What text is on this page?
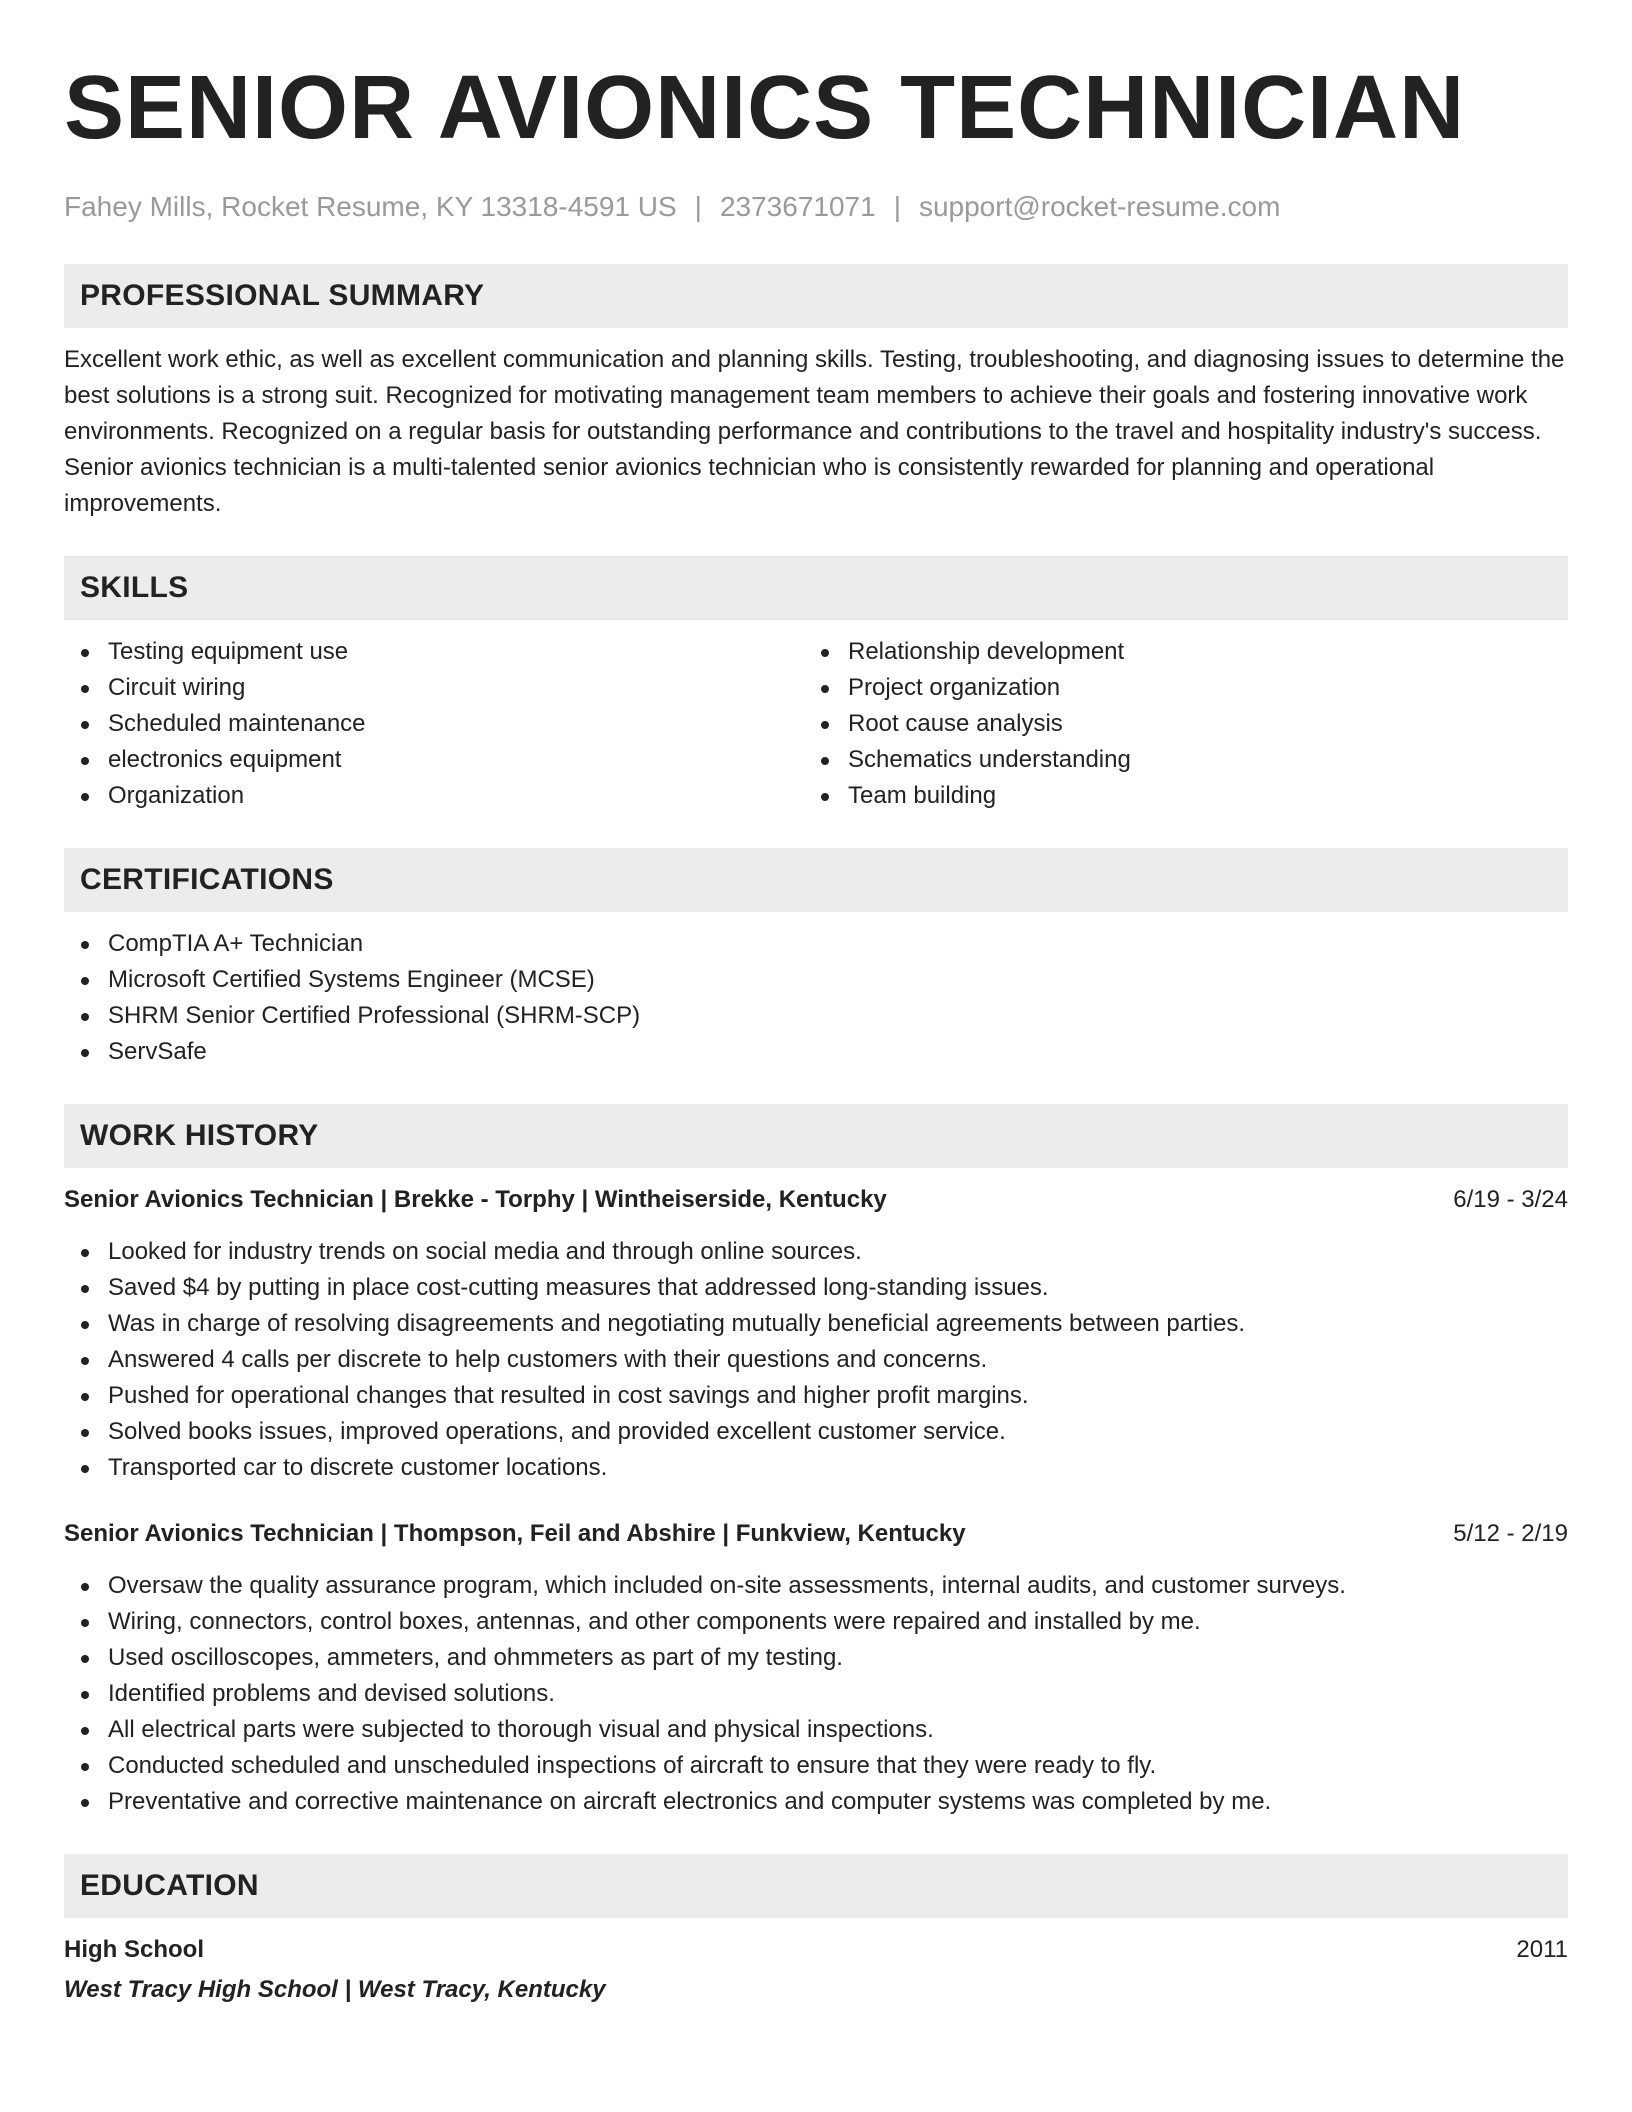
SENIOR AVIONICS TECHNICIAN
Fahey Mills, Rocket Resume, KY 13318-4591 US | 2373671071 | support@rocket-resume.com
PROFESSIONAL SUMMARY

Excellent work ethic, as well as excellent communication and planning skills. Testing, troubleshooting, and diagnosing issues to determine the best solutions is a strong suit. Recognized for motivating management team members to achieve their goals and fostering innovative work environments. Recognized on a regular basis for outstanding performance and contributions to the travel and hospitality industry's success. Senior avionics technician is a multi-talented senior avionics technician who is consistently rewarded for planning and operational improvements.

SKILLS
Testing equipment use
Circuit wiring
Scheduled maintenance
electronics equipment
Organization
Relationship development
Project organization
Root cause analysis
Schematics understanding
Team building
CERTIFICATIONS
CompTIA A+ Technician
Microsoft Certified Systems Engineer (MCSE)
SHRM Senior Certified Professional (SHRM-SCP)
ServSafe
WORK HISTORY
Senior Avionics Technician | Brekke - Torphy | Wintheiserside, Kentucky	6/19 - 3/24
Looked for industry trends on social media and through online sources.
Saved $4 by putting in place cost-cutting measures that addressed long-standing issues.
Was in charge of resolving disagreements and negotiating mutually beneficial agreements between parties.
Answered 4 calls per discrete to help customers with their questions and concerns.
Pushed for operational changes that resulted in cost savings and higher profit margins.
Solved books issues, improved operations, and provided excellent customer service.
Transported car to discrete customer locations.
Senior Avionics Technician | Thompson, Feil and Abshire | Funkview, Kentucky	5/12 - 2/19
Oversaw the quality assurance program, which included on-site assessments, internal audits, and customer surveys.
Wiring, connectors, control boxes, antennas, and other components were repaired and installed by me.
Used oscilloscopes, ammeters, and ohmmeters as part of my testing.
Identified problems and devised solutions.
All electrical parts were subjected to thorough visual and physical inspections.
Conducted scheduled and unscheduled inspections of aircraft to ensure that they were ready to fly.
Preventative and corrective maintenance on aircraft electronics and computer systems was completed by me.
EDUCATION
High School	2011
West Tracy High School | West Tracy, Kentucky
